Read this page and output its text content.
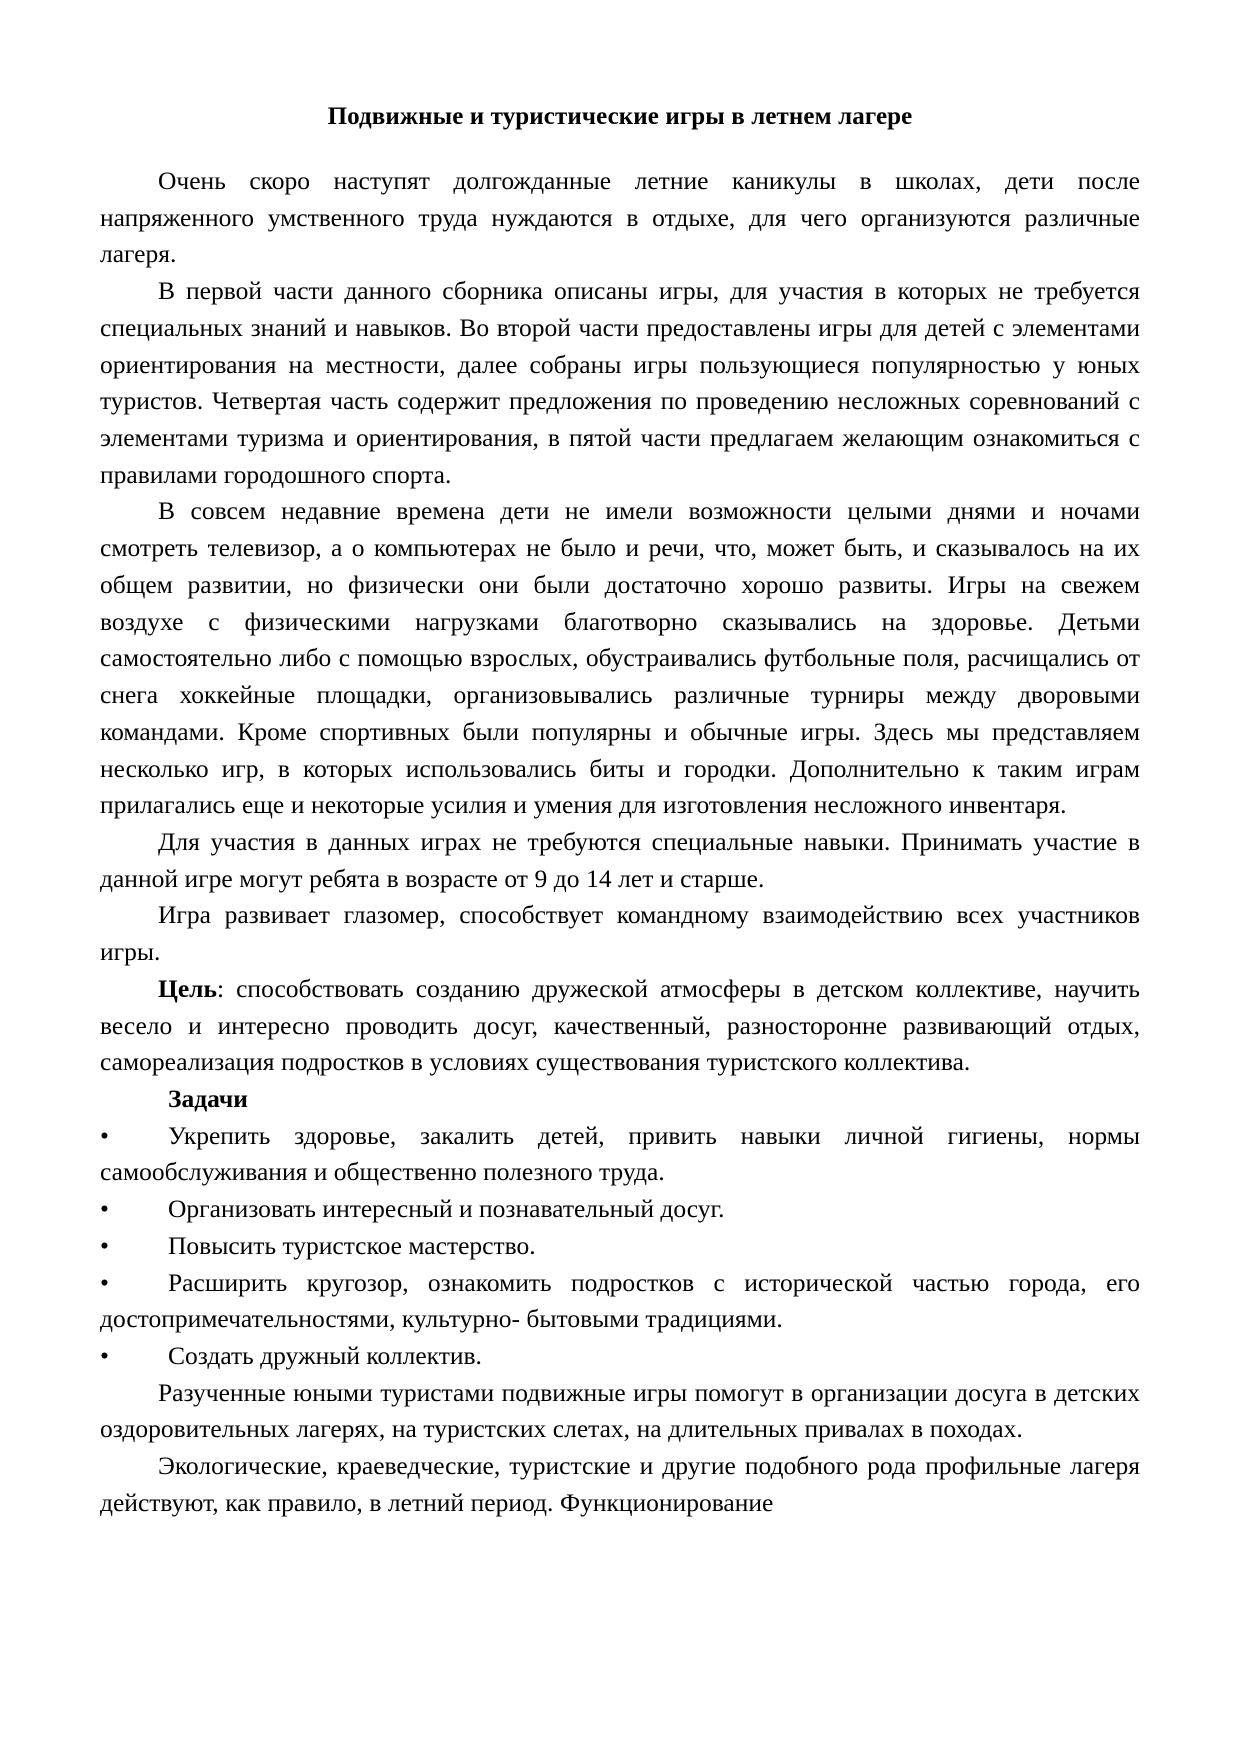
Подвижные и туристические игры в летнем лагере

Очень скоро наступят долгожданные летние каникулы в школах, дети после напряженного умственного труда нуждаются в отдыхе, для чего организуются различные лагеря.

В первой части данного сборника описаны игры, для участия в которых не требуется специальных знаний и навыков. Во второй части предоставлены игры для детей с элементами ориентирования на местности, далее собраны игры пользующиеся популярностью у юных туристов. Четвертая часть содержит предложения по проведению несложных соревнований с элементами туризма и ориентирования, в пятой части предлагаем желающим ознакомиться с правилами городошного спорта.

В совсем недавние времена дети не имели возможности целыми днями и ночами смотреть телевизор, а о компьютерах не было и речи, что, может быть, и сказывалось на их общем развитии, но физически они были достаточно хорошо развиты. Игры на свежем воздухе с физическими нагрузками благотворно сказывались на здоровье. Детьми самостоятельно либо с помощью взрослых, обустраивались футбольные поля, расчищались от снега хоккейные площадки, организовывались различные турниры между дворовыми командами. Кроме спортивных были популярны и обычные игры. Здесь мы представляем несколько игр, в которых использовались биты и городки. Дополнительно к таким играм прилагались еще и некоторые усилия и умения для изготовления несложного инвентаря.

Для участия в данных играх не требуются специальные навыки. Принимать участие в данной игре могут ребята в возрасте от 9 до 14 лет и старше.

Игра развивает глазомер, способствует командному взаимодействию всех участников игры.

Цель: способствовать созданию дружеской атмосферы в детском коллективе, научить весело и интересно проводить досуг, качественный, разносторонне развивающий отдых, самореализация подростков в условиях существования туристского коллектива.

Задачи

•	Укрепить здоровье, закалить детей, привить навыки личной гигиены, нормы самообслуживания и общественно полезного труда.
•	Организовать интересный и познавательный досуг.
•	Повысить туристское мастерство.
•	Расширить кругозор, ознакомить подростков с исторической частью города, его достопримечательностями, культурно- бытовыми традициями.
•	Создать дружный коллектив.

Разученные юными туристами подвижные игры помогут в организации досуга в детских оздоровительных лагерях, на туристских слетах, на длительных привалах в походах.

Экологические, краеведческие, туристские и другие подобного рода профильные лагеря действуют, как правило, в летний период. Функционирование
